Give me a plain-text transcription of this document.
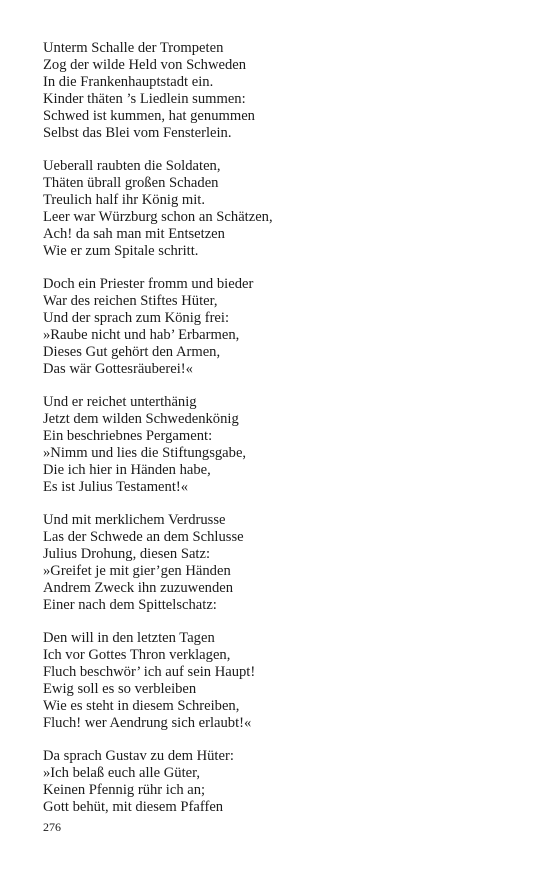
Unterm Schalle der Trompeten
Zog der wilde Held von Schweden
In die Frankenhauptstadt ein.
Kinder thäten ’s Liedlein summen:
Schwed ist kummen, hat genummen
Selbst das Blei vom Fensterlein.
Ueberall raubten die Soldaten,
Thäten übrall großen Schaden
Treulich half ihr König mit.
Leer war Würzburg schon an Schätzen,
Ach! da sah man mit Entsetzen
Wie er zum Spitale schritt.
Doch ein Priester fromm und bieder
War des reichen Stiftes Hüter,
Und der sprach zum König frei:
»Raube nicht und hab’ Erbarmen,
Dieses Gut gehört den Armen,
Das wär Gottesräuberei!«
Und er reichet unterthänig
Jetzt dem wilden Schwedenkönig
Ein beschriebnes Pergament:
»Nimm und lies die Stiftungsgabe,
Die ich hier in Händen habe,
Es ist Julius Testament!«
Und mit merklichem Verdrusse
Las der Schwede an dem Schlusse
Julius Drohung, diesen Satz:
»Greifet je mit gier’gen Händen
Andrem Zweck ihn zuzuwenden
Einer nach dem Spittelschatz:
Den will in den letzten Tagen
Ich vor Gottes Thron verklagen,
Fluch beschwör’ ich auf sein Haupt!
Ewig soll es so verbleiben
Wie es steht in diesem Schreiben,
Fluch! wer Aendrung sich erlaubt!«
Da sprach Gustav zu dem Hüter:
»Ich belaß euch alle Güter,
Keinen Pfennig rühr ich an;
Gott behüt, mit diesem Pfaffen
276
